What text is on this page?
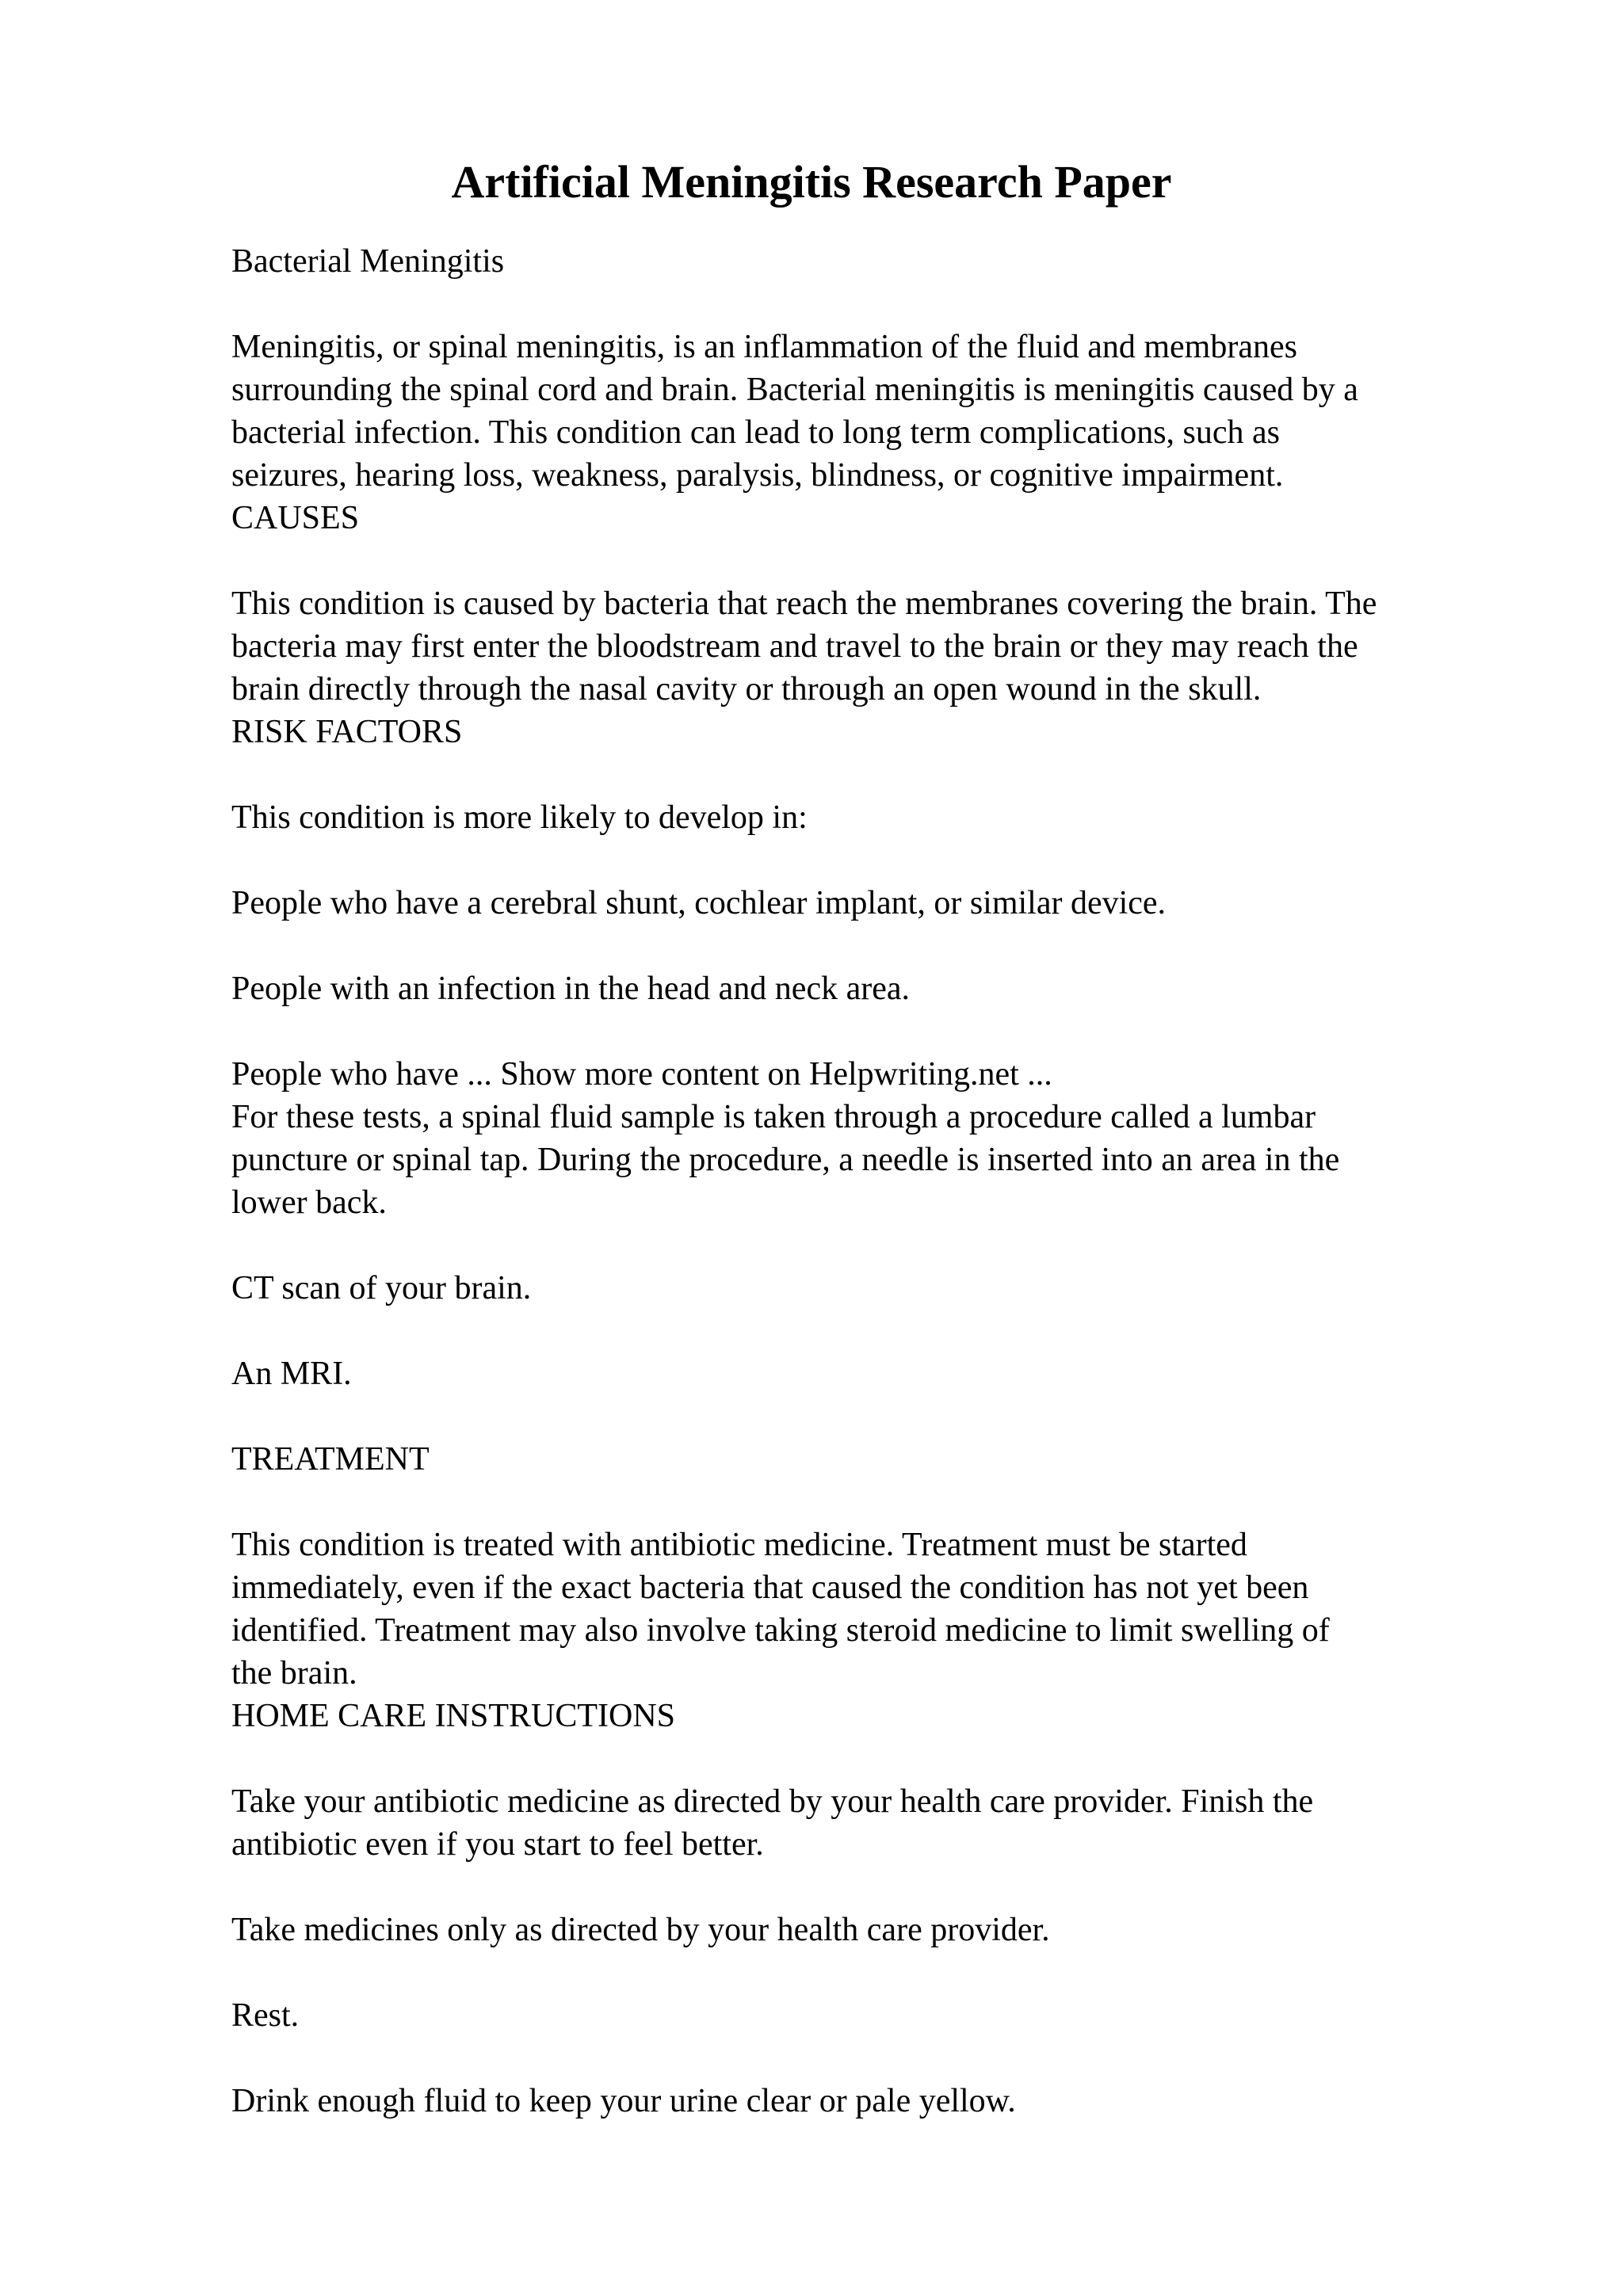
Artificial Meningitis Research Paper

Bacterial Meningitis

Meningitis, or spinal meningitis, is an inflammation of the fluid and membranes

surrounding the spinal cord and brain. Bacterial meningitis is meningitis caused by a

bacterial infection. This condition can lead to long term complications, such as

seizures, hearing loss, weakness, paralysis, blindness, or cognitive impairment.

CAUSES

This condition is caused by bacteria that reach the membranes covering the brain. The

bacteria may first enter the bloodstream and travel to the brain or they may reach the

brain directly through the nasal cavity or through an open wound in the skull.

RISK FACTORS

This condition is more likely to develop in:

People who have a cerebral shunt, cochlear implant, or similar device.

People with an infection in the head and neck area.

People who have ... Show more content on Helpwriting.net ...

For these tests, a spinal fluid sample is taken through a procedure called a lumbar

puncture or spinal tap. During the procedure, a needle is inserted into an area in the

lower back.

CT scan of your brain.

An MRI.

TREATMENT

This condition is treated with antibiotic medicine. Treatment must be started

immediately, even if the exact bacteria that caused the condition has not yet been

identified. Treatment may also involve taking steroid medicine to limit swelling of

the brain.

HOME CARE INSTRUCTIONS

Take your antibiotic medicine as directed by your health care provider. Finish the

antibiotic even if you start to feel better.

Take medicines only as directed by your health care provider.

Rest.

Drink enough fluid to keep your urine clear or pale yellow.
